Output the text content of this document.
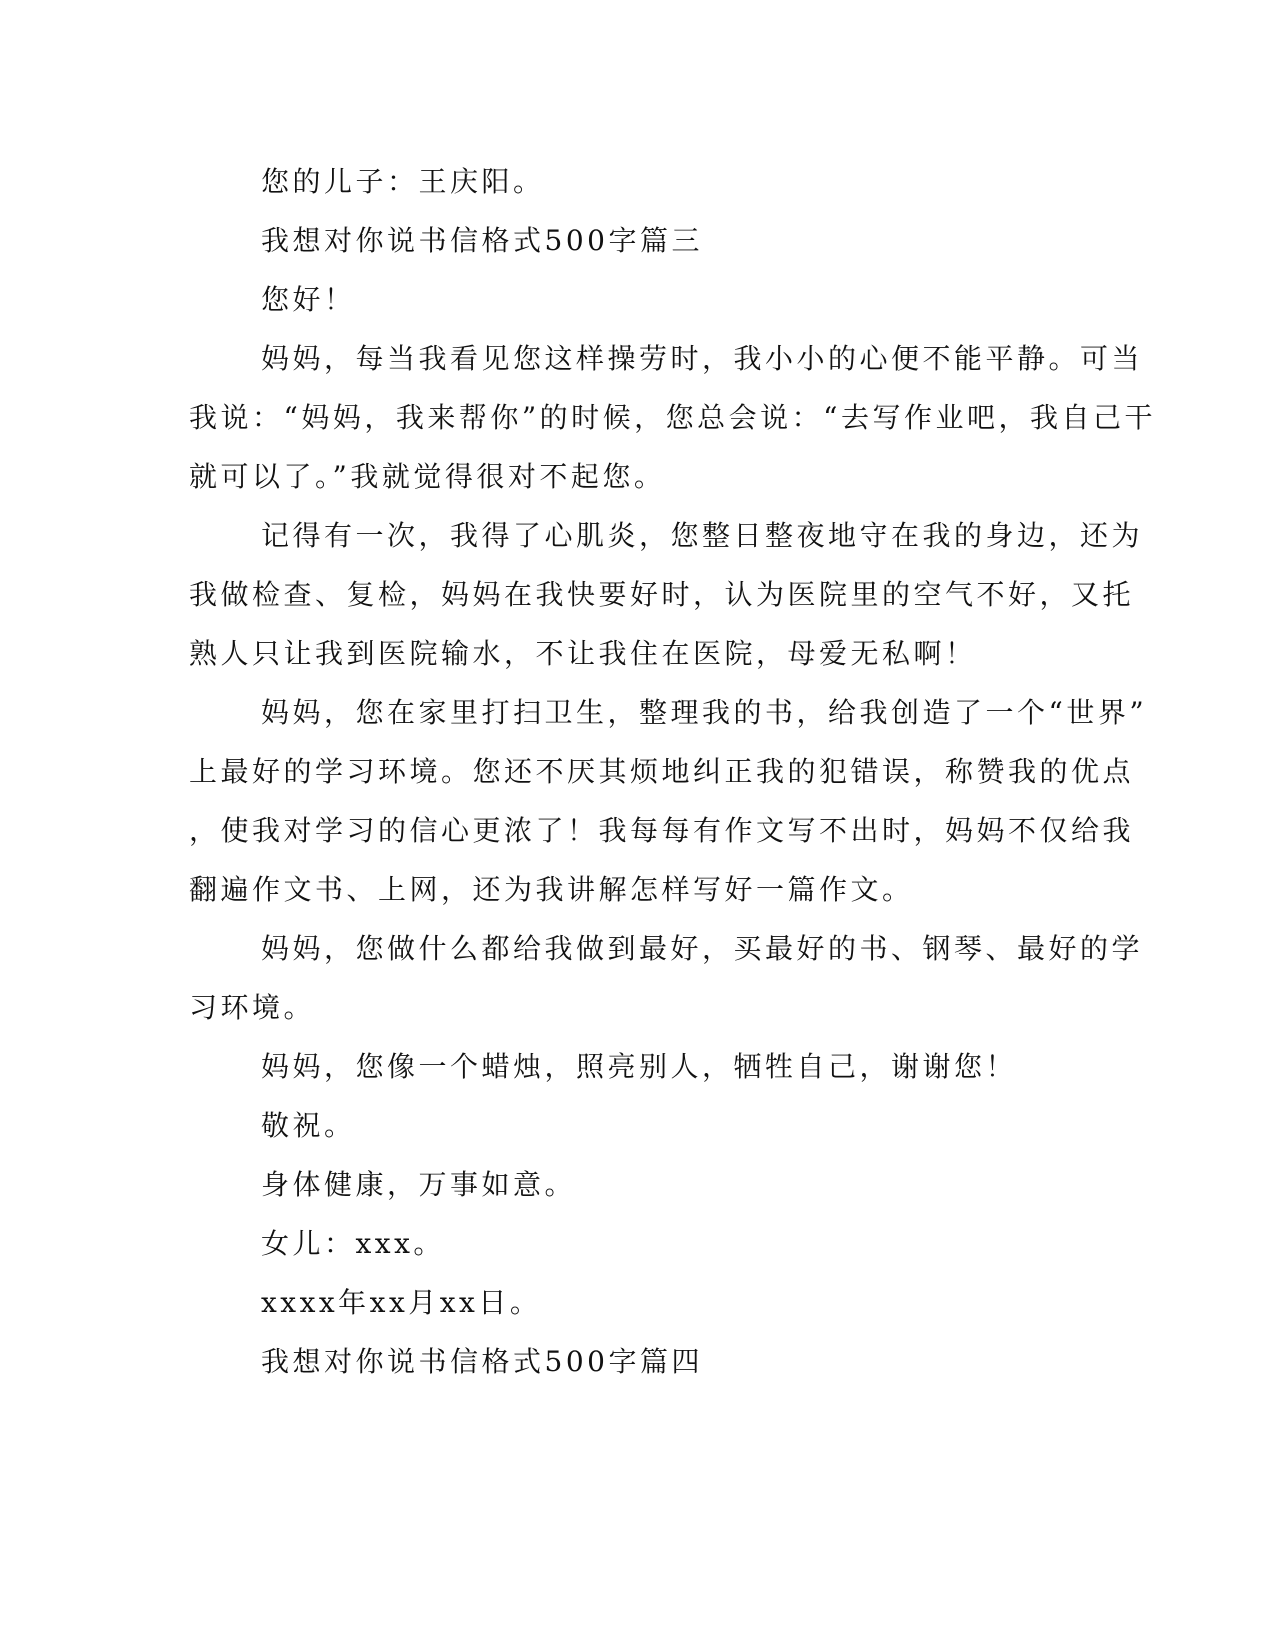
您的儿子：王庆阳。
我想对你说书信格式500字篇三
您好！
妈妈，每当我看见您这样操劳时，我小小的心便不能平静。可当
我说：“妈妈，我来帮你”的时候，您总会说：“去写作业吧，我自己干
就可以了。”我就觉得很对不起您。
记得有一次，我得了心肌炎，您整日整夜地守在我的身边，还为
我做检查、复检，妈妈在我快要好时，认为医院里的空气不好，又托
熟人只让我到医院输水，不让我住在医院，母爱无私啊！
妈妈，您在家里打扫卫生，整理我的书，给我创造了一个“世界”
上最好的学习环境。您还不厌其烦地纠正我的犯错误，称赞我的优点
，使我对学习的信心更浓了！我每每有作文写不出时，妈妈不仅给我
翻遍作文书、上网，还为我讲解怎样写好一篇作文。
妈妈，您做什么都给我做到最好，买最好的书、钢琴、最好的学
习环境。
妈妈，您像一个蜡烛，照亮别人，牺牲自己，谢谢您！
敬祝。
身体健康，万事如意。
女儿：xxx。
xxxx年xx月xx日。
我想对你说书信格式500字篇四
